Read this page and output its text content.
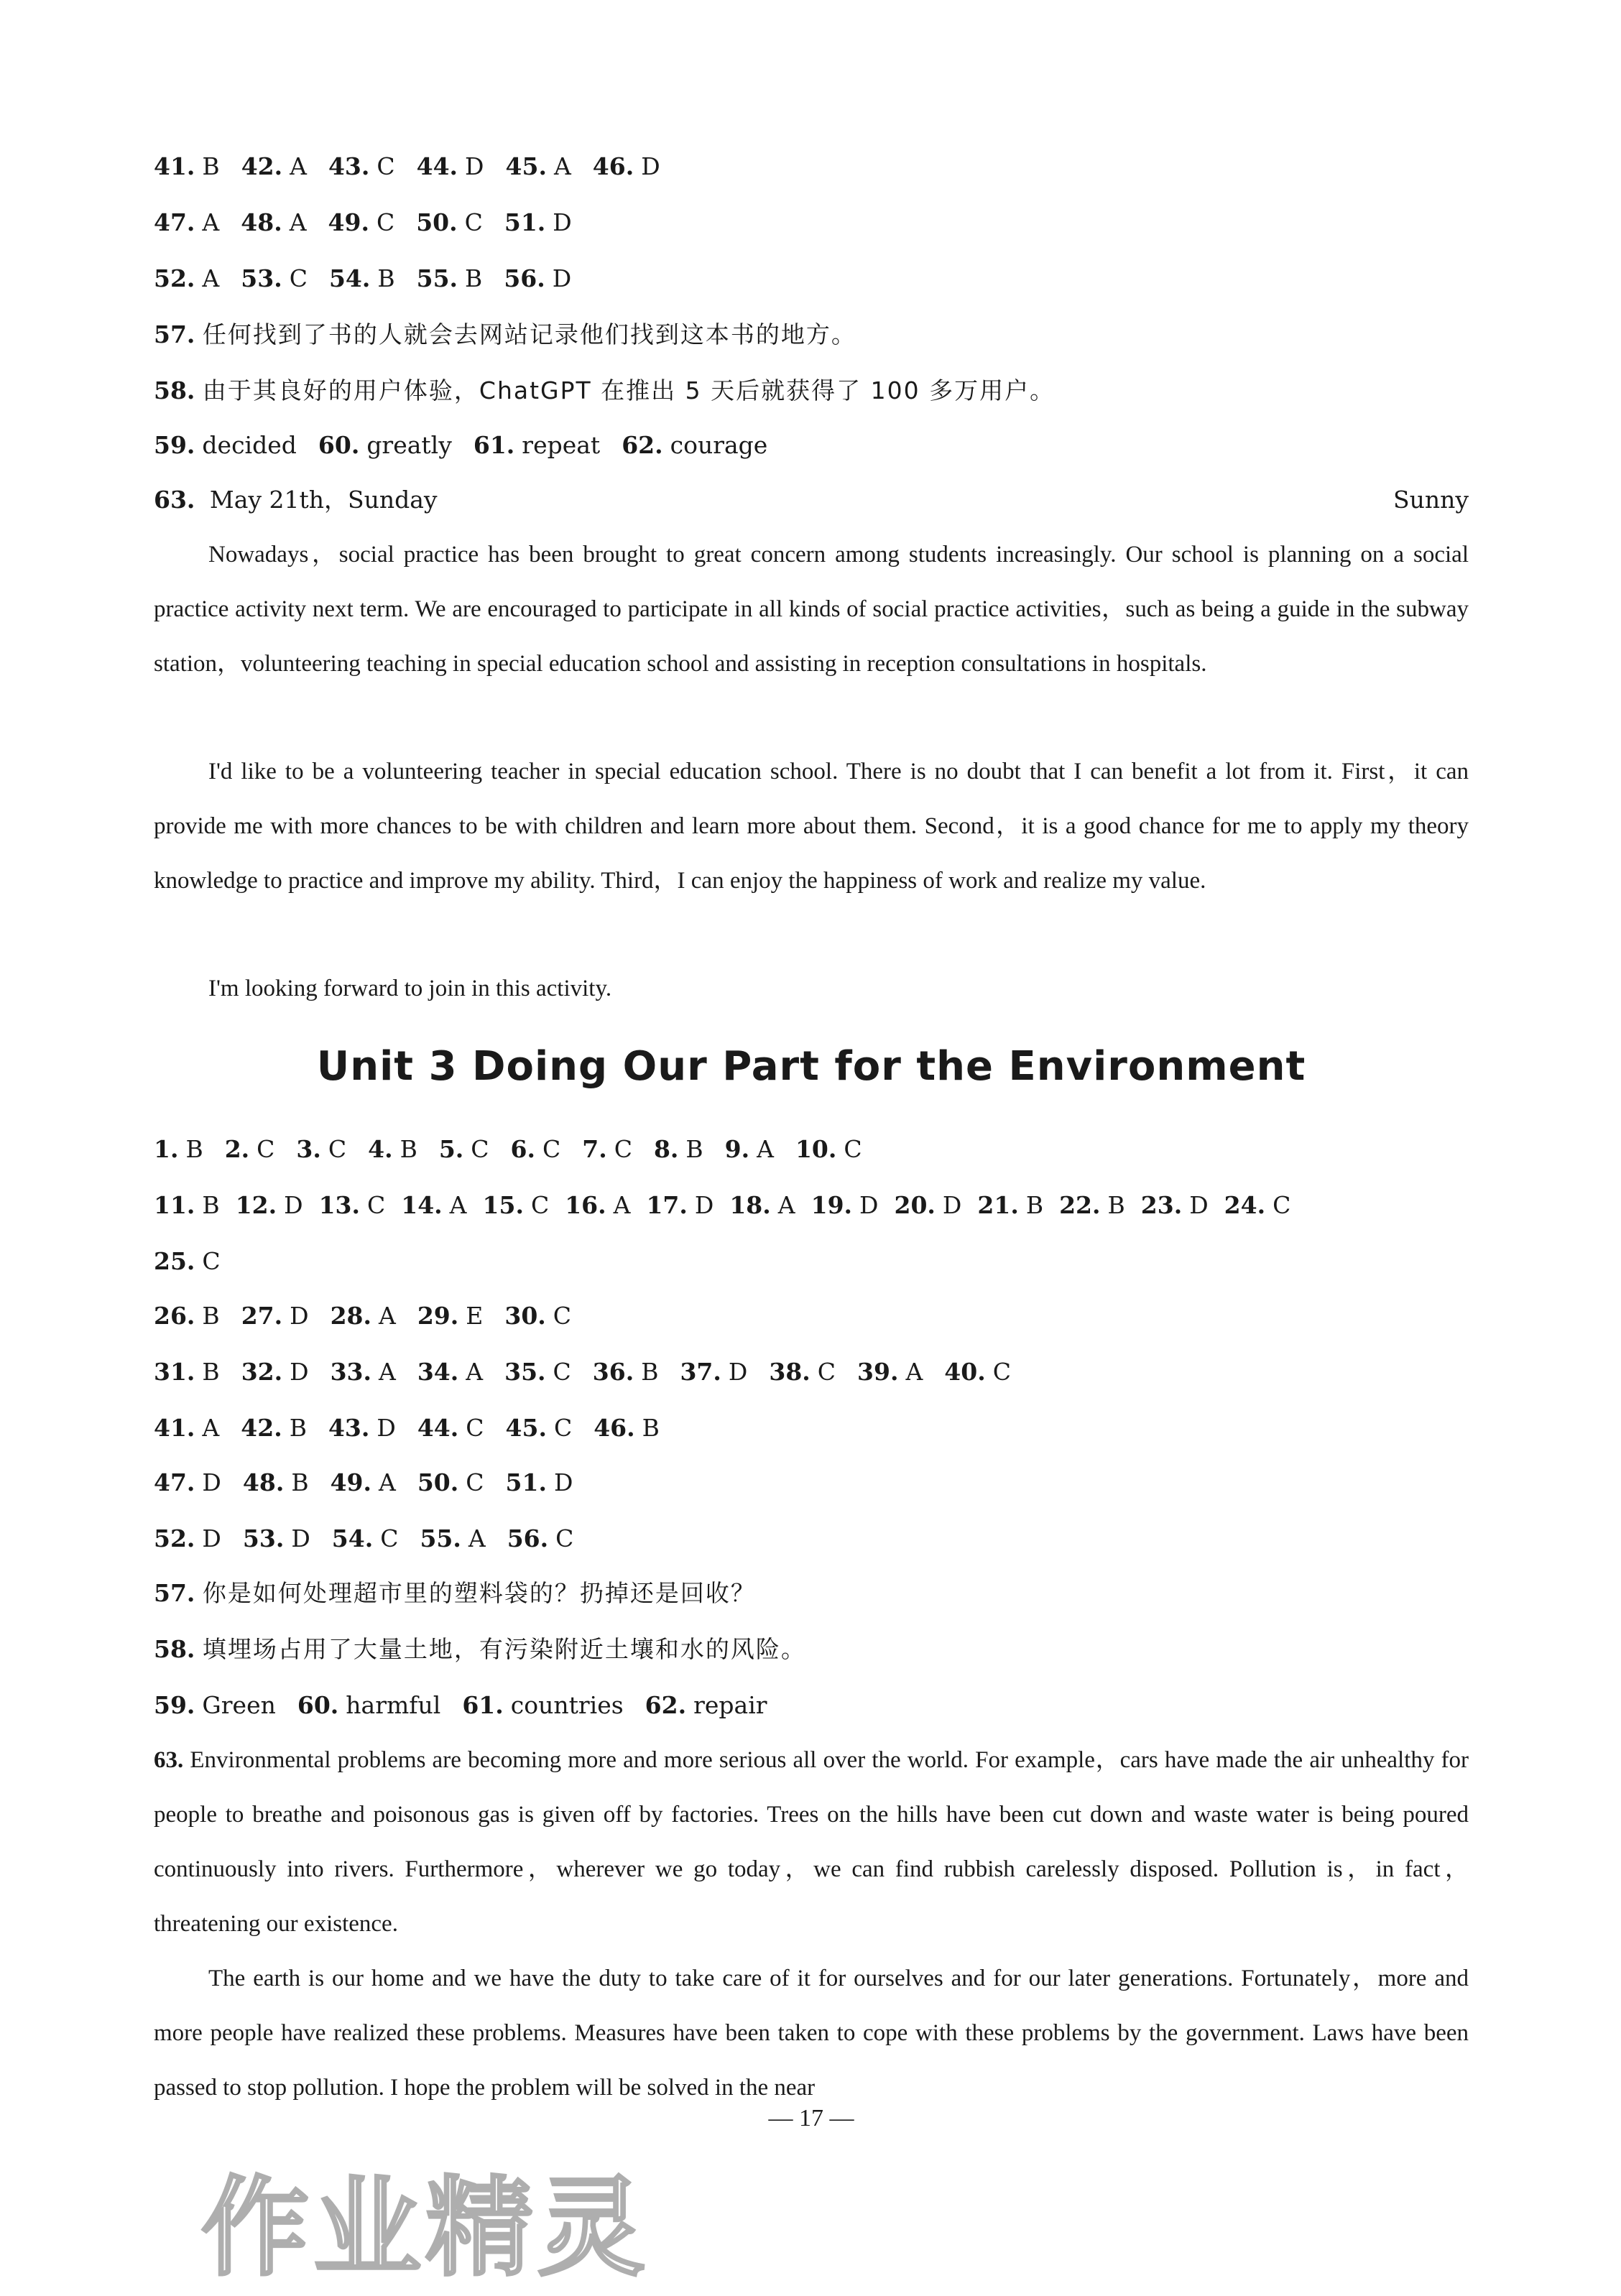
41. B 42. A 43. C 44. D 45. A 46. D
47. A 48. A 49. C 50. C 51. D
52. A 53. C 54. B 55. B 56. D
57. 任何找到了书的人就会去网站记录他们找到这本书的地方。
58. 由于其良好的用户体验，ChatGPT 在推出 5 天后就获得了 100 多万用户。
59. decided 60. greatly 61. repeat 62. courage
63. May 21th，Sunday	Sunny
Nowadays，social practice has been brought to great concern among students increasingly. Our school is planning on a social practice activity next term. We are encouraged to participate in all kinds of social practice activities，such as being a guide in the subway station，volunteering teaching in special education school and assisting in reception consultations in hospitals.
I'd like to be a volunteering teacher in special education school. There is no doubt that I can benefit a lot from it. First，it can provide me with more chances to be with children and learn more about them. Second，it is a good chance for me to apply my theory knowledge to practice and improve my ability. Third，I can enjoy the happiness of work and realize my value.
I'm looking forward to join in this activity.
Unit 3 Doing Our Part for the Environment
1. B 2. C 3. C 4. B 5. C 6. C 7. C 8. B 9. A 10. C
11. B 12. D 13. C 14. A 15. C 16. A 17. D 18. A 19. D 20. D 21. B 22. B 23. D 24. C
25. C
26. B 27. D 28. A 29. E 30. C
31. B 32. D 33. A 34. A 35. C 36. B 37. D 38. C 39. A 40. C
41. A 42. B 43. D 44. C 45. C 46. B
47. D 48. B 49. A 50. C 51. D
52. D 53. D 54. C 55. A 56. C
57. 你是如何处理超市里的塑料袋的？扔掉还是回收？
58. 填埋场占用了大量土地，有污染附近土壤和水的风险。
59. Green 60. harmful 61. countries 62. repair
63. Environmental problems are becoming more and more serious all over the world. For example，cars have made the air unhealthy for people to breathe and poisonous gas is given off by factories. Trees on the hills have been cut down and waste water is being poured continuously into rivers. Furthermore，wherever we go today，we can find rubbish carelessly disposed. Pollution is，in fact，threatening our existence.
The earth is our home and we have the duty to take care of it for ourselves and for our later generations. Fortunately，more and more people have realized these problems. Measures have been taken to cope with these problems by the government. Laws have been passed to stop pollution. I hope the problem will be solved in the near
— 17 —
作业精灵
